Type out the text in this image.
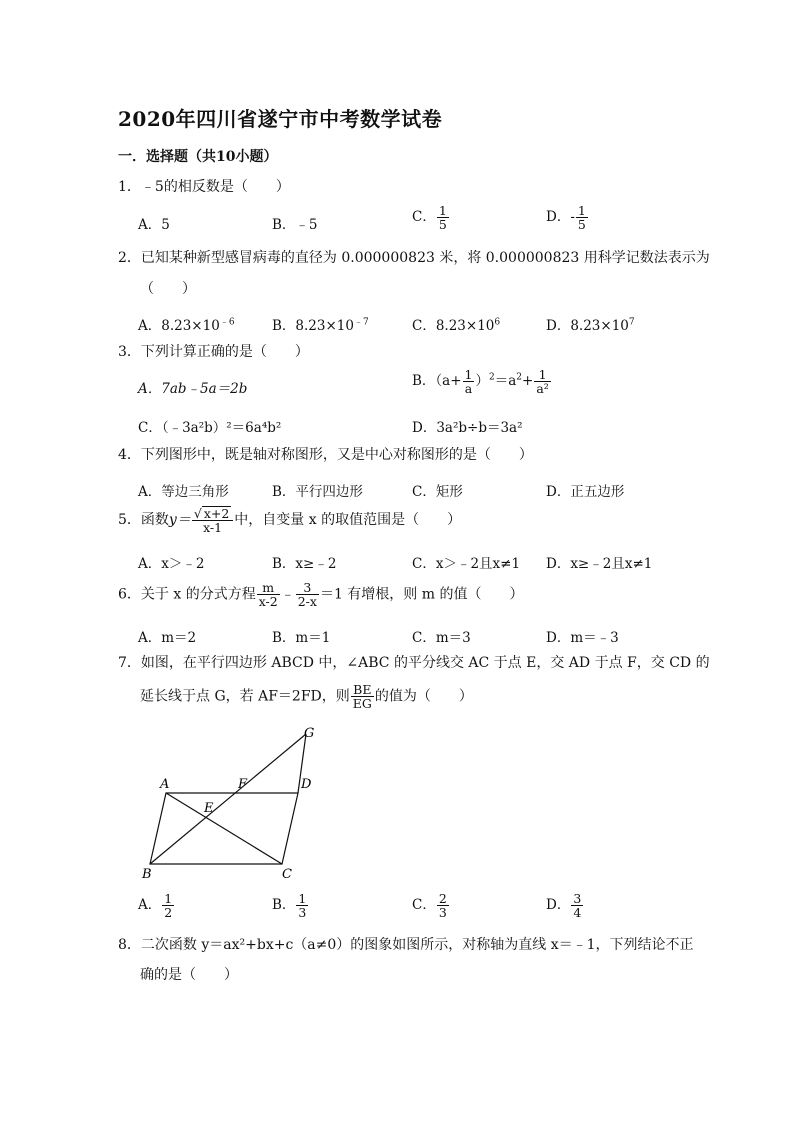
2020年四川省遂宁市中考数学试卷
一．选择题（共10小题）
1．﹣5的相反数是（　　）
A．5	B．﹣5	C． $\frac{1}{5}$	D．- $\frac{1}{5}$
2．已知某种新型感冒病毒的直径为 0.000000823 米，将 0.000000823 用科学记数法表示为
（　　）
A．$8.23\times 10^{﹣6}$	B．$8.23\times 10^{﹣7}$	C．$8.23\times 10^6$	D．$8.23\times 10^7$
3．下列计算正确的是（　　）
A．7ab﹣5a＝2b	B．$(a+ \frac{1}{a} )^2=a^2+ \frac{1}{\text{a²}}$
C．（﹣3a²b）²＝6a⁴b²	D．3a²b÷b＝3a²
4．下列图形中，既是轴对称图形，又是中心对称图形的是（　　）
A．等边三角形	B．平行四边形	C．矩形	D．正五边形
5．函数$y= \frac{√ x+2}{x-1}$ 中，自变量 x 的取值范围是（　　）
A．x＞﹣2	B．x≥﹣2	C．x＞﹣2且x≠1 D．x≥﹣2且x≠1
6．关于 x 的分式方程 $\frac{m}{x-2}$ ﹣ $\frac{3}{2-x} =1$ 有增根，则 m 的值（　　）
A．m＝2	B．m＝1	C．m＝3	D．m＝﹣3
7．如图，在平行四边形 ABCD 中，∠ABC 的平分线交 AC 于点 E，交 AD 于点 F，交 CD 的
延长线于点 G，若 AF＝2FD，则 $\frac{BE}{EG}$ 的值为（　　）
A	F	D
G
E
B	C
A． $\frac{1}{2}$	B． $\frac{1}{3}$	C． $\frac{2}{3}$	D． $\frac{3}{4}$
8．二次函数 y＝ax²+bx+c（a≠0）的图象如图所示，对称轴为直线 x＝﹣1，下列结论不正
确的是（　　）
